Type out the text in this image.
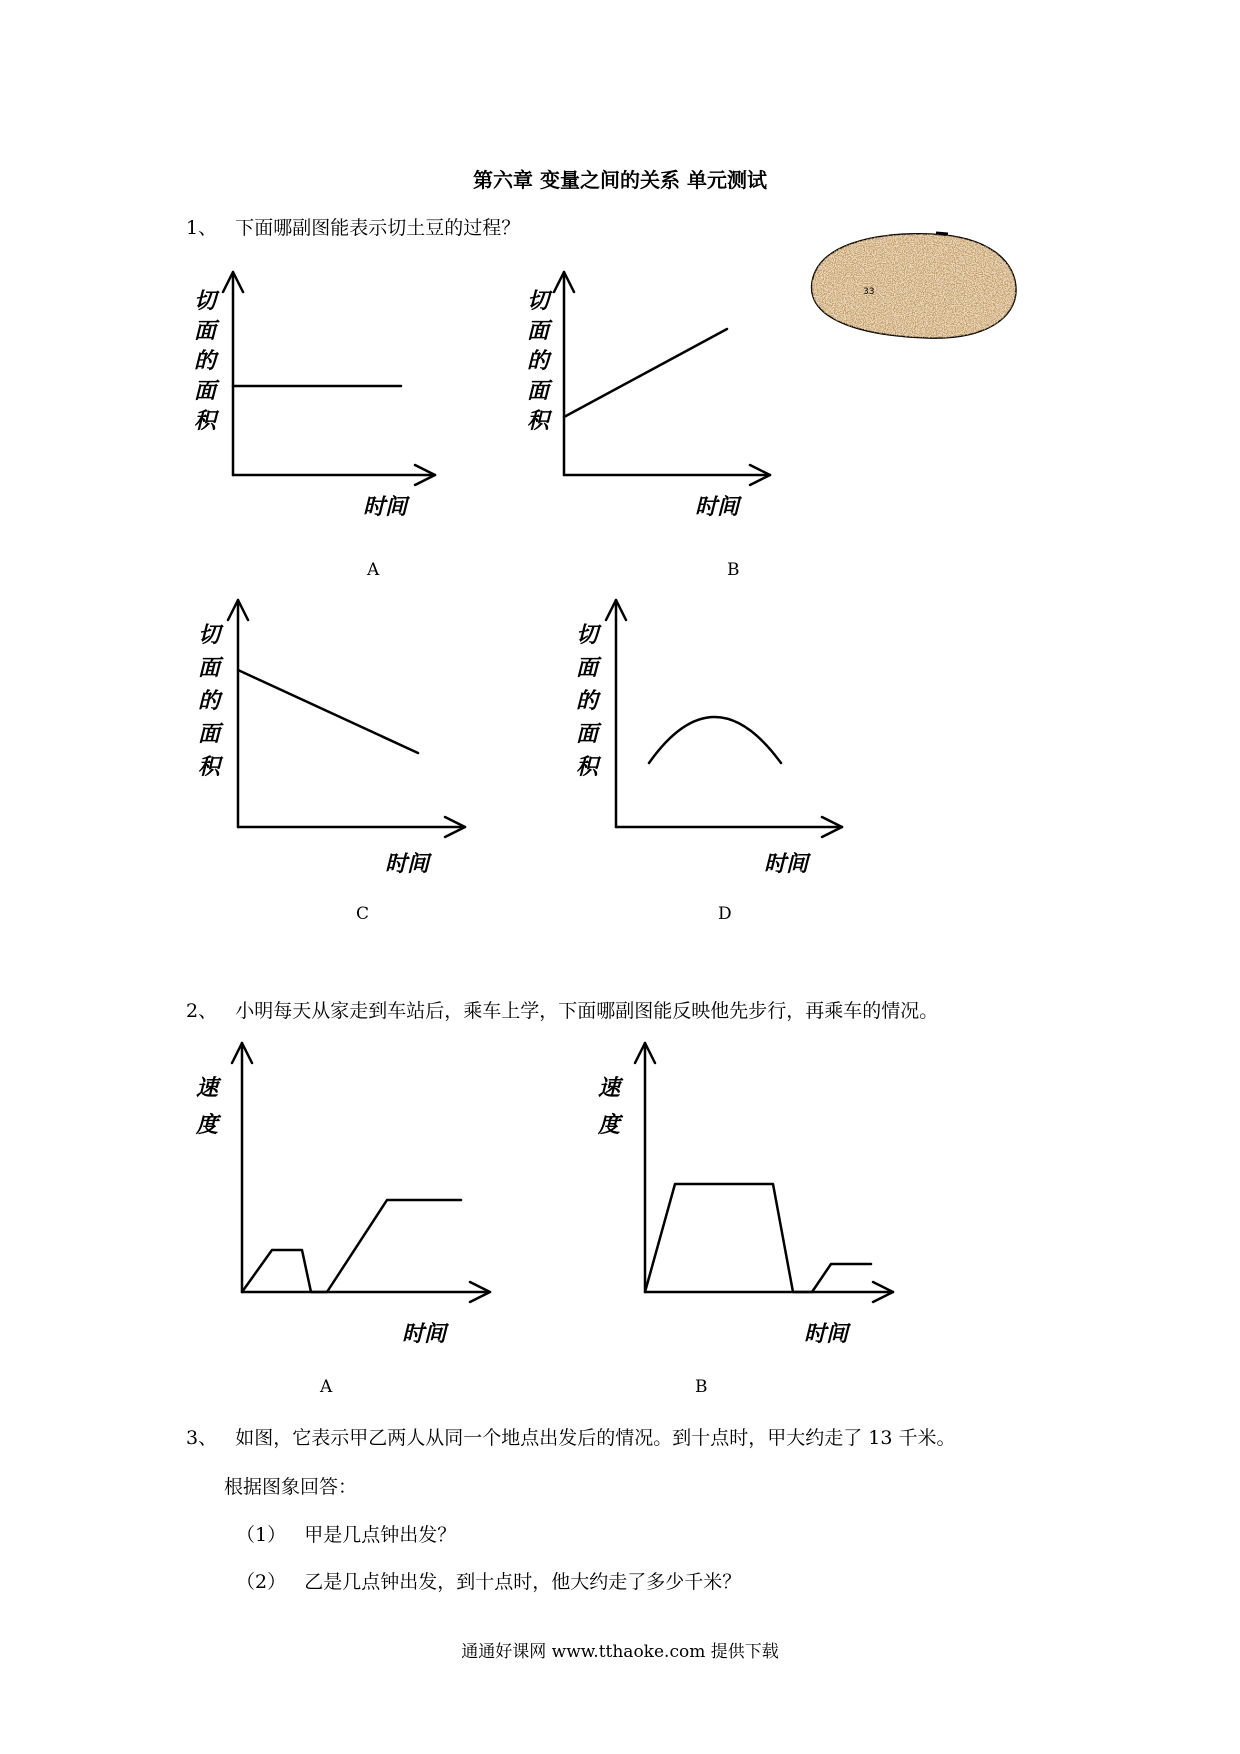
第六章 变量之间的关系 单元测试
1、 下面哪副图能表示切土豆的过程？
2、 小明每天从家走到车站后，乘车上学，下面哪副图能反映他先步行，再乘车的情况。
3、 如图，它表示甲乙两人从同一个地点出发后的情况。到十点时，甲大约走了 13 千米。
根据图象回答：
（1） 甲是几点钟出发？
（2） 乙是几点钟出发，到十点时，他大约走了多少千米？
通通好课网 www.tthaoke.com 提供下载
33
切
面
的
面
积
时间
A
切
面
的
面
积
时间
B
切
面
的
面
积
时间
C
切
面
的
面
积
时间
D
速
度
时间
A
速
度
时间
B
